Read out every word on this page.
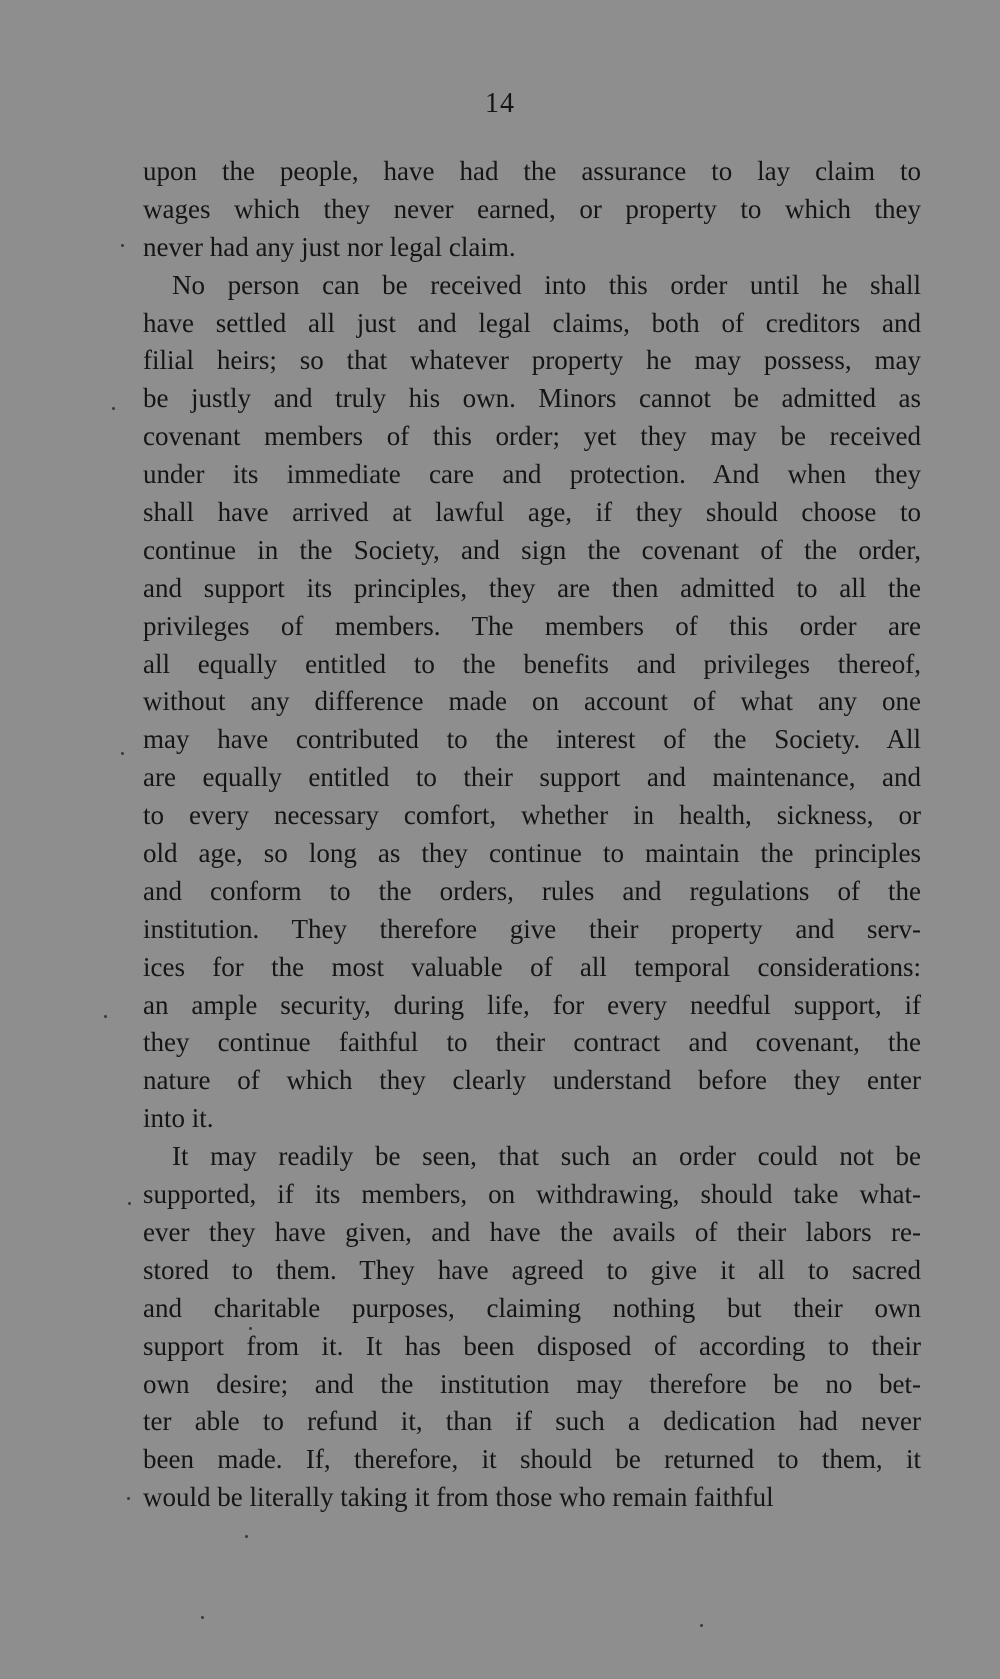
14
upon the people, have had the assurance to lay claim to
wages which they never earned, or property to which they
never had any just nor legal claim.
No person can be received into this order until he shall
have settled all just and legal claims, both of creditors and
filial heirs; so that whatever property he may possess, may
be justly and truly his own. Minors cannot be admitted as
covenant members of this order; yet they may be received
under its immediate care and protection. And when they
shall have arrived at lawful age, if they should choose to
continue in the Society, and sign the covenant of the order,
and support its principles, they are then admitted to all the
privileges of members. The members of this order are
all equally entitled to the benefits and privileges thereof,
without any difference made on account of what any one
may have contributed to the interest of the Society. All
are equally entitled to their support and maintenance, and
to every necessary comfort, whether in health, sickness, or
old age, so long as they continue to maintain the principles
and conform to the orders, rules and regulations of the
institution. They therefore give their property and serv-
ices for the most valuable of all temporal considerations:
an ample security, during life, for every needful support, if
they continue faithful to their contract and covenant, the
nature of which they clearly understand before they enter
into it.
It may readily be seen, that such an order could not be
supported, if its members, on withdrawing, should take what-
ever they have given, and have the avails of their labors re-
stored to them. They have agreed to give it all to sacred
and charitable purposes, claiming nothing but their own
support from it. It has been disposed of according to their
own desire; and the institution may therefore be no bet-
ter able to refund it, than if such a dedication had never
been made. If, therefore, it should be returned to them, it
would be literally taking it from those who remain faithful
